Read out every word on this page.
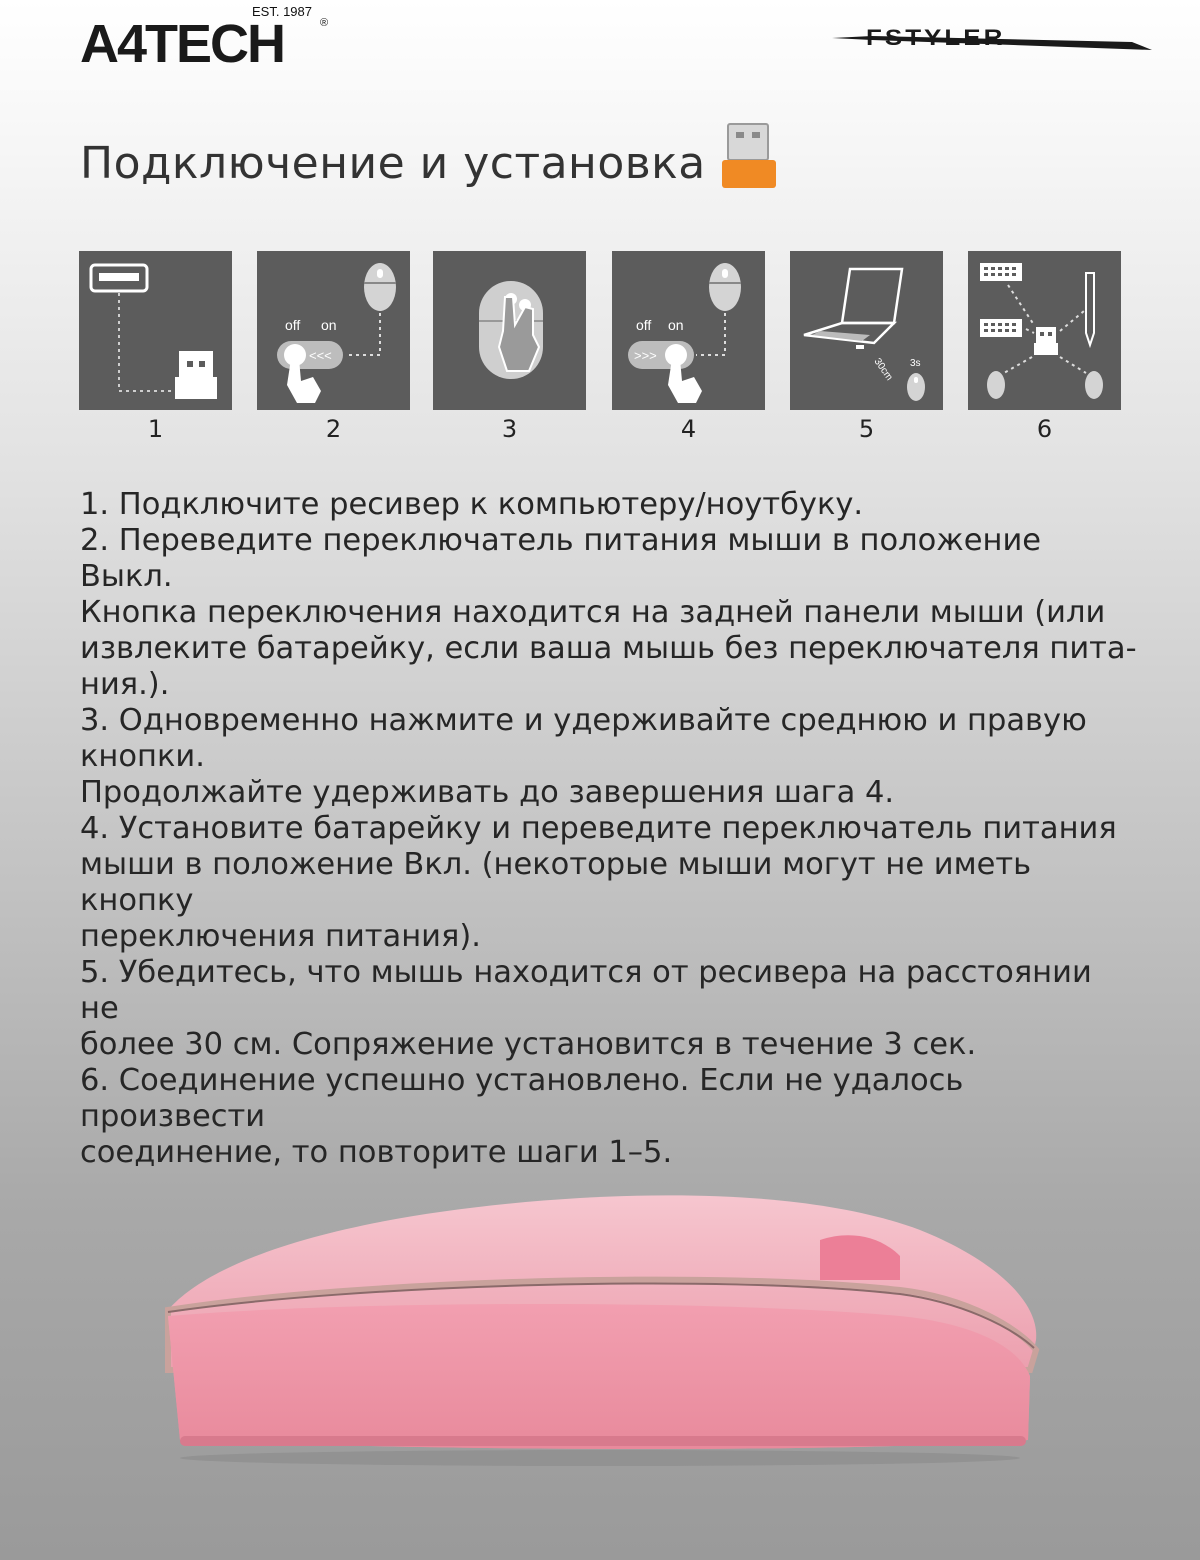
EST. 1987
A4TECH	®
FSTYLER
Подключение и установка
1
off on
<<<
2	3
off on
>>>
4
30cm 3s
5	6

1. Подключите ресивер к компьютеру/ноутбуку.

2. Переведите переключатель питания мыши в положение Выкл.

Кнопка переключения находится на задней панели мыши (или

извлеките батарейку, если ваша мышь без переключателя пита-

ния.).

3. Одновременно нажмите и удерживайте среднюю и правую

кнопки.

Продолжайте удерживать до завершения шага 4.

4. Установите батарейку и переведите переключатель питания

мыши в положение Вкл. (некоторые мыши могут не иметь кнопку

переключения питания).

5. Убедитесь, что мышь находится от ресивера на расстоянии не

более 30 см. Сопряжение установится в течение 3 сек.

6. Соединение успешно установлено. Если не удалось произвести

соединение, то повторите шаги 1–5.
